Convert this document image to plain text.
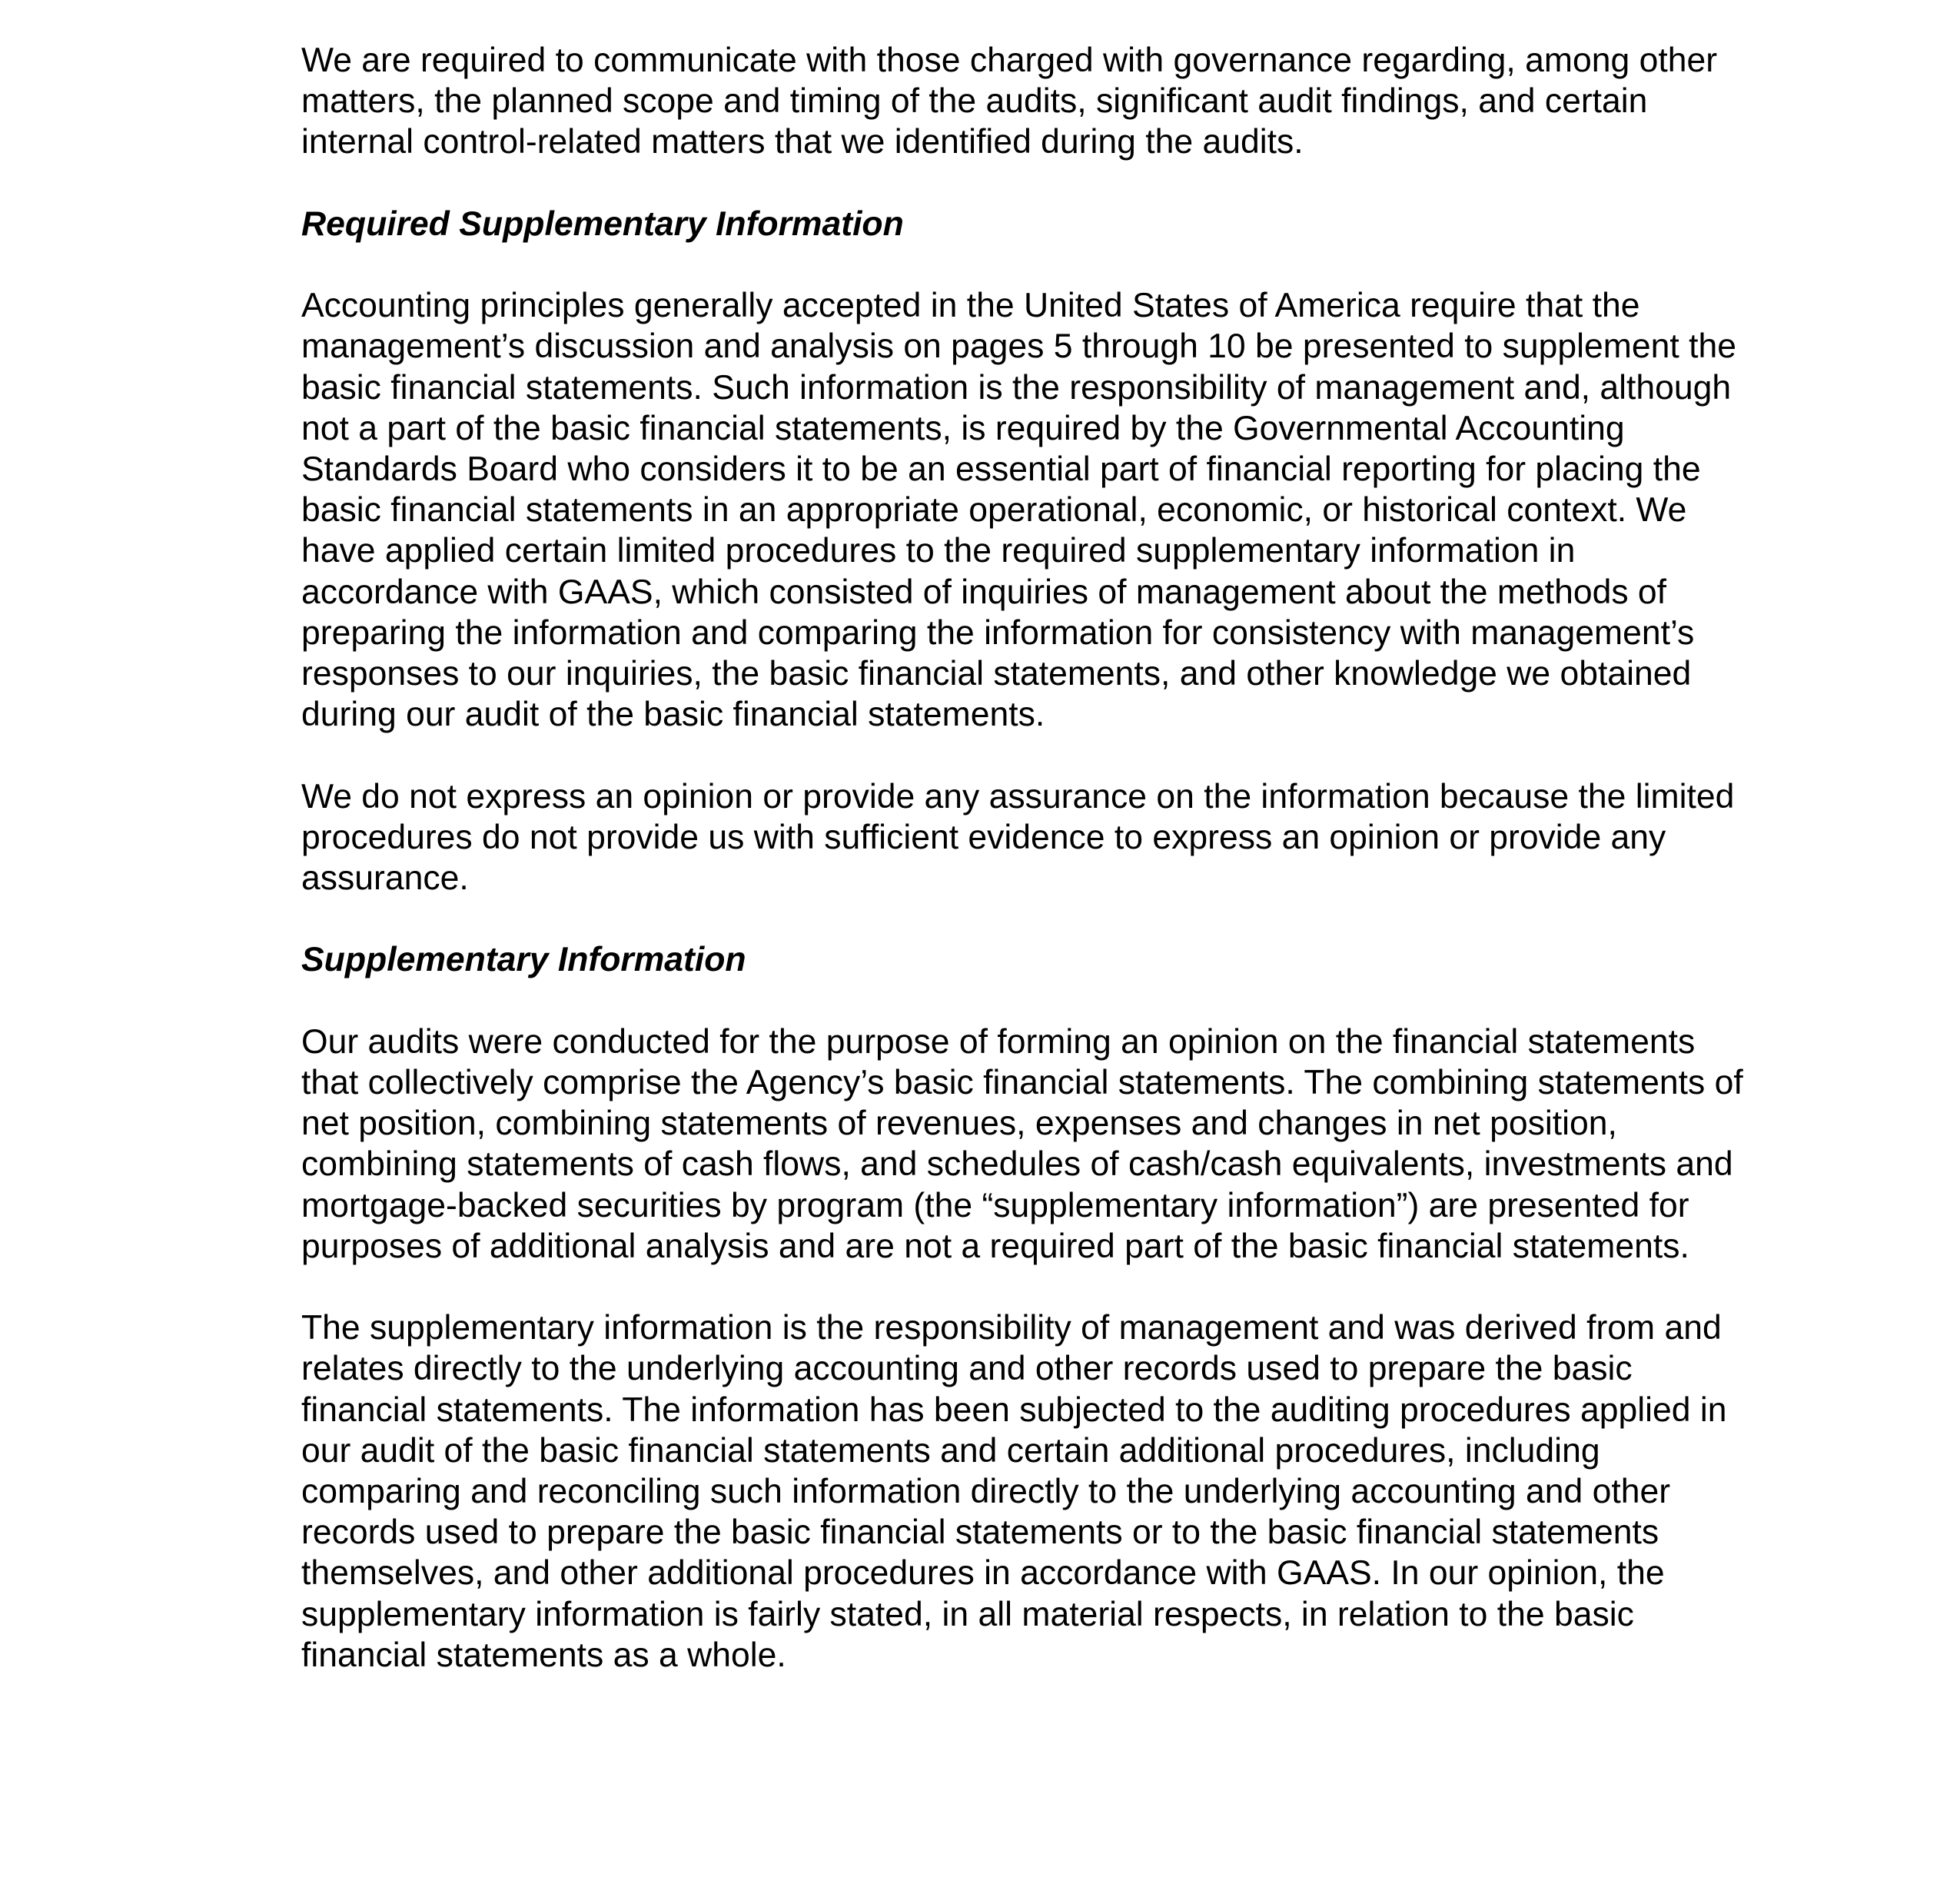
We are required to communicate with those charged with governance regarding, among other
matters, the planned scope and timing of the audits, significant audit findings, and certain
internal control-related matters that we identified during the audits.
Required Supplementary Information
Accounting principles generally accepted in the United States of America require that the
management’s discussion and analysis on pages 5 through 10 be presented to supplement the
basic financial statements. Such information is the responsibility of management and, although
not a part of the basic financial statements, is required by the Governmental Accounting
Standards Board who considers it to be an essential part of financial reporting for placing the
basic financial statements in an appropriate operational, economic, or historical context. We
have applied certain limited procedures to the required supplementary information in
accordance with GAAS, which consisted of inquiries of management about the methods of
preparing the information and comparing the information for consistency with management’s
responses to our inquiries, the basic financial statements, and other knowledge we obtained
during our audit of the basic financial statements.
We do not express an opinion or provide any assurance on the information because the limited
procedures do not provide us with sufficient evidence to express an opinion or provide any
assurance.
Supplementary Information
Our audits were conducted for the purpose of forming an opinion on the financial statements
that collectively comprise the Agency’s basic financial statements. The combining statements of
net position, combining statements of revenues, expenses and changes in net position,
combining statements of cash flows, and schedules of cash/cash equivalents, investments and
mortgage-backed securities by program (the “supplementary information”) are presented for
purposes of additional analysis and are not a required part of the basic financial statements.
The supplementary information is the responsibility of management and was derived from and
relates directly to the underlying accounting and other records used to prepare the basic
financial statements. The information has been subjected to the auditing procedures applied in
our audit of the basic financial statements and certain additional procedures, including
comparing and reconciling such information directly to the underlying accounting and other
records used to prepare the basic financial statements or to the basic financial statements
themselves, and other additional procedures in accordance with GAAS. In our opinion, the
supplementary information is fairly stated, in all material respects, in relation to the basic
financial statements as a whole.
